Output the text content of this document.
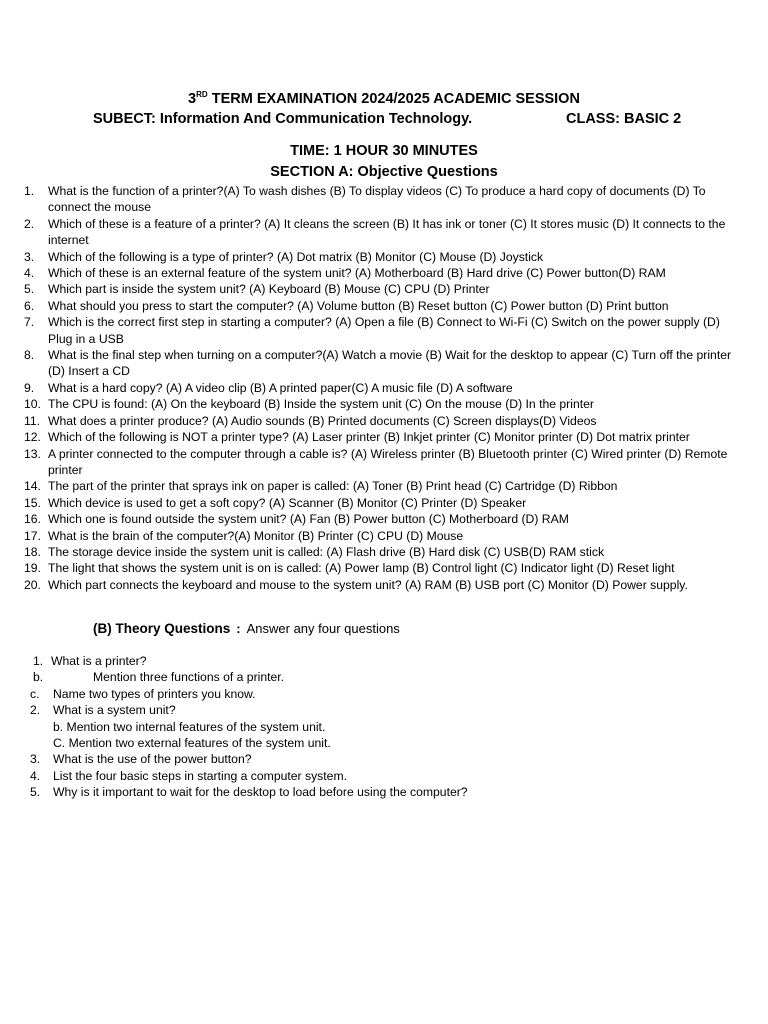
3RD TERM EXAMINATION 2024/2025 ACADEMIC SESSION
SUBECT: Information And Communication Technology.	CLASS: BASIC 2

TIME: 1 HOUR 30 MINUTES
SECTION A: Objective Questions
1.	What is the function of a printer?(A) To wash dishes (B) To display videos (C) To produce a hard copy of documents (D) To connect the mouse
2.	Which of these is a feature of a printer? (A) It cleans the screen (B) It has ink or toner (C) It stores music (D) It connects to the internet
3.	Which of the following is a type of printer? (A) Dot matrix (B) Monitor (C) Mouse (D) Joystick
4.	Which of these is an external feature of the system unit? (A) Motherboard (B) Hard drive (C) Power button(D) RAM
5.	Which part is inside the system unit? (A) Keyboard (B) Mouse (C) CPU (D) Printer
6.	What should you press to start the computer? (A) Volume button (B) Reset button (C) Power button (D) Print button
7.	Which is the correct first step in starting a computer? (A) Open a file (B) Connect to Wi-Fi (C) Switch on the power supply (D) Plug in a USB
8.	What is the final step when turning on a computer?(A) Watch a movie (B) Wait for the desktop to appear (C) Turn off the printer (D) Insert a CD
9.	What is a hard copy? (A) A video clip (B) A printed paper(C) A music file (D) A software
10. The CPU is found: (A) On the keyboard (B) Inside the system unit (C) On the mouse (D) In the printer
11. What does a printer produce? (A) Audio sounds (B) Printed documents (C) Screen displays(D) Videos
12. Which of the following is NOT a printer type? (A) Laser printer (B) Inkjet printer (C) Monitor printer (D) Dot matrix printer
13. A printer connected to the computer through a cable is? (A) Wireless printer (B) Bluetooth printer (C) Wired printer (D) Remote printer
14. The part of the printer that sprays ink on paper is called: (A) Toner (B) Print head (C) Cartridge (D) Ribbon
15. Which device is used to get a soft copy? (A) Scanner (B) Monitor (C) Printer (D) Speaker
16. Which one is found outside the system unit? (A) Fan (B) Power button (C) Motherboard (D) RAM
17. What is the brain of the computer?(A) Monitor (B) Printer (C) CPU (D) Mouse
18. The storage device inside the system unit is called: (A) Flash drive (B) Hard disk (C) USB(D) RAM stick
19. The light that shows the system unit is on is called: (A) Power lamp (B) Control light (C) Indicator light (D) Reset light
20. Which part connects the keyboard and mouse to the system unit? (A) RAM (B) USB port (C) Monitor (D) Power supply.
(B) Theory Questions : Answer any four questions
1. What is a printer?
b.	Mention three functions of a printer.
c. Name two types of printers you know.
2. What is a system unit?
b. Mention two internal features of the system unit.
C. Mention two external features of the system unit.
3. What is the use of the power button?
4. List the four basic steps in starting a computer system.
5. Why is it important to wait for the desktop to load before using the computer?
